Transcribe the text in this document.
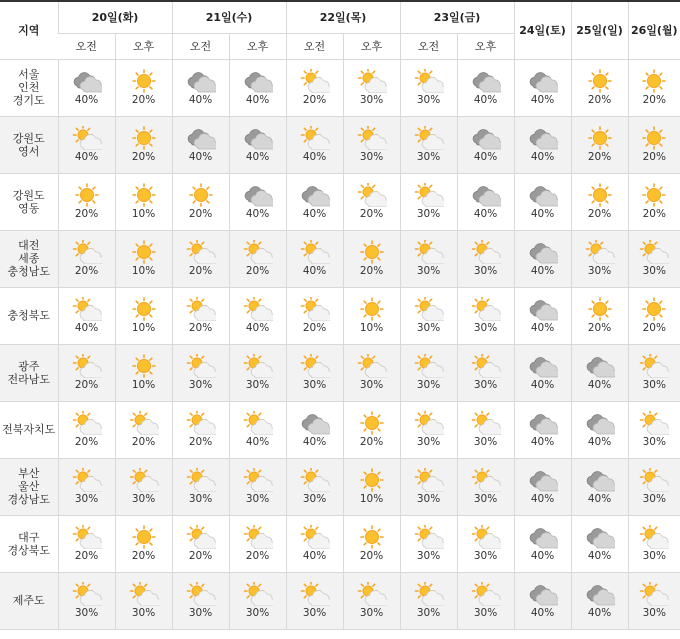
지역	20일(화)		21일(수)		22일(목)		23일(금)		24일(토)	25일(일)	26일(월)
	오전	오후	오전	오후	오전	오후	오전	오후			

서울
인천
경기도	40%	20%	40%	40%	20%	30%	30%	40%	40%	20%	20%

강원도
영서	40%	20%	40%	40%	40%	30%	30%	40%	40%	20%	20%

강원도
영동	20%	10%	20%	40%	40%	20%	30%	40%	40%	20%	20%

대전
세종
충청남도	20%	10%	20%	20%	40%	20%	30%	30%	40%	30%	30%

충청북도	40%	10%	20%	40%	20%	10%	30%	30%	40%	20%	20%

광주
전라남도	20%	10%	30%	30%	30%	30%	30%	30%	40%	40%	30%

전북자치도	20%	20%	20%	40%	40%	20%	30%	30%	40%	40%	30%

부산
울산
경상남도	30%	30%	30%	30%	30%	10%	30%	30%	40%	40%	30%

대구
경상북도	20%	20%	20%	20%	40%	20%	30%	30%	40%	40%	30%

제주도	30%	30%	30%	30%	30%	30%	30%	30%	40%	40%	30%
